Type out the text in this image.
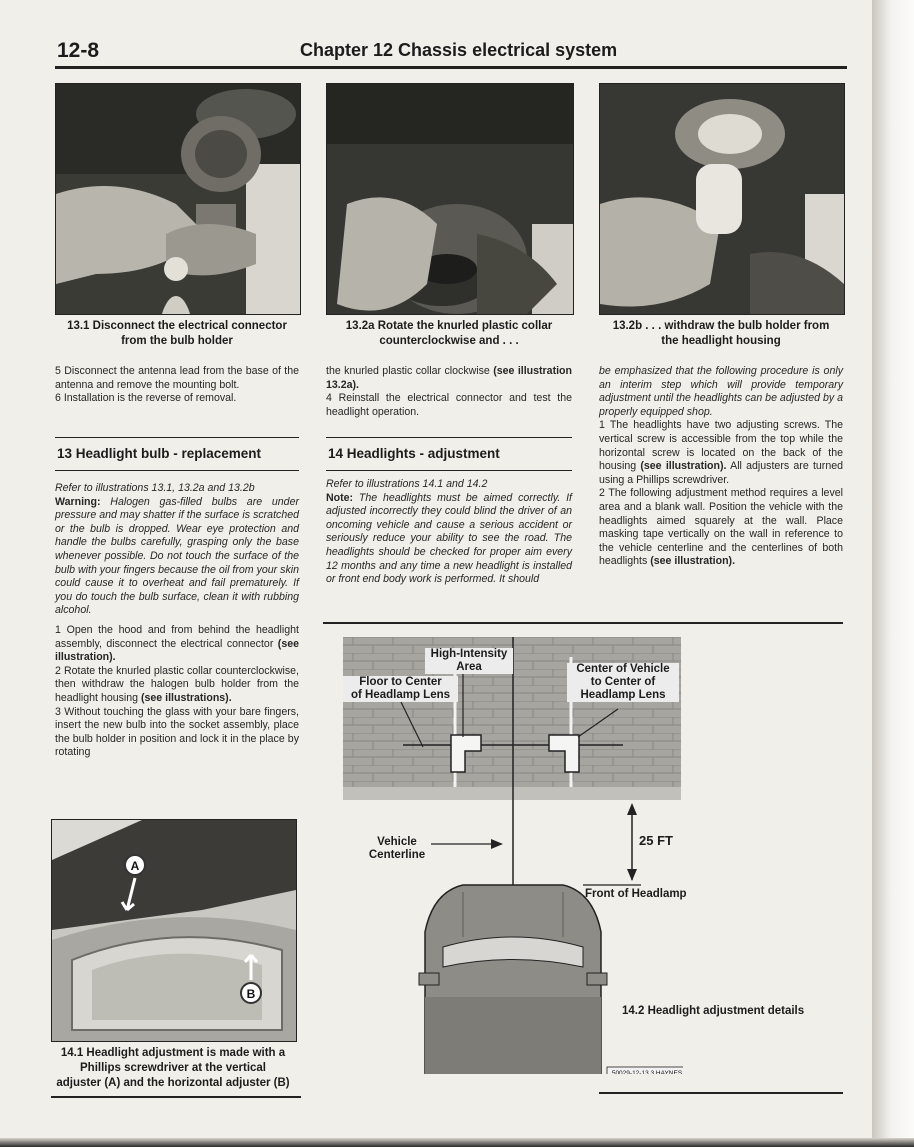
12-8	Chapter 12 Chassis electrical system
13.1 Disconnect the electrical connector
from the bulb holder
13.2a Rotate the knurled plastic collar
counterclockwise and . . .
13.2b . . . withdraw the bulb holder from
the headlight housing

5 Disconnect the antenna lead from the base of the antenna and remove the mounting bolt.

6 Installation is the reverse of removal.

13 Headlight bulb - replacement

Refer to illustrations 13.1, 13.2a and 13.2b

Warning: Halogen gas-filled bulbs are under pressure and may shatter if the surface is scratched or the bulb is dropped. Wear eye protection and handle the bulbs carefully, grasping only the base whenever possible. Do not touch the surface of the bulb with your fingers because the oil from your skin could cause it to overheat and fail prematurely. If you do touch the bulb surface, clean it with rubbing alcohol.

1 Open the hood and from behind the headlight assembly, disconnect the electrical connector (see illustration).

2 Rotate the knurled plastic collar counterclockwise, then withdraw the halogen bulb holder from the headlight housing (see illustrations).

3 Without touching the glass with your bare fingers, insert the new bulb into the socket assembly, place the bulb holder in position and lock it in the place by rotating

A
B
14.1 Headlight adjustment is made with a
Phillips screwdriver at the vertical
adjuster (A) and the horizontal adjuster (B)

the knurled plastic collar clockwise (see illustration 13.2a).

4 Reinstall the electrical connector and test the headlight operation.

14 Headlights - adjustment

Refer to illustrations 14.1 and 14.2

Note: The headlights must be aimed correctly. If adjusted incorrectly they could blind the driver of an oncoming vehicle and cause a serious accident or seriously reduce your ability to see the road. The headlights should be checked for proper aim every 12 months and any time a new headlight is installed or front end body work is performed. It should

be emphasized that the following procedure is only an interim step which will provide temporary adjustment until the headlights can be adjusted by a properly equipped shop.

1 The headlights have two adjusting screws. The vertical screw is accessible from the top while the horizontal screw is located on the back of the housing (see illustration). All adjusters are turned using a Phillips screwdriver.

2 The following adjustment method requires a level area and a blank wall. Position the vehicle with the headlights aimed squarely at the wall. Place masking tape vertically on the wall in reference to the vehicle centerline and the centerlines of both headlights (see illustration).

50029-12-13.3 HAYNES
High-Intensity
Area
Floor to Center
of Headlamp Lens
Center of Vehicle
to Center of
Headlamp Lens
Vehicle
Centerline
25 FT
Front of Headlamp
14.2 Headlight adjustment details
